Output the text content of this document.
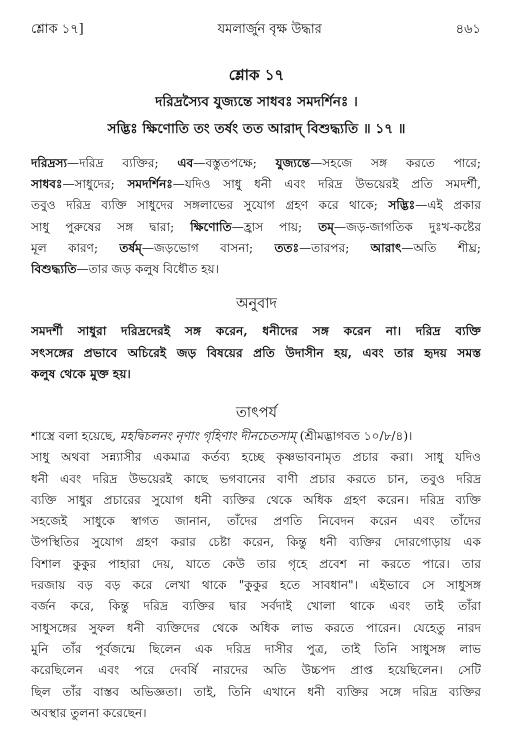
শ্লোক ১৭]	যমলার্জুন বৃক্ষ উদ্ধার	৪৬১
শ্লোক ১৭
দরিদ্রস্যৈব যুজ্যন্তে সাধবঃ সমদর্শিনঃ ।
সদ্ভিঃ ক্ষিণোতি তং তর্ষং তত আরাদ্ বিশুদ্ধ্যতি ॥ ১৭ ॥
দরিদ্রস্য—দরিদ্র ব্যক্তির; এব—বস্তুতপক্ষে; যুজ্যন্তে—সহজে সঙ্গ করতে পারে;
সাধবঃ—সাধুদের; সমদর্শিনঃ—যদিও সাধু ধনী এবং দরিদ্র উভয়েরই প্রতি সমদর্শী,
তবুও দরিদ্র ব্যক্তি সাধুদের সঙ্গলাভের সুযোগ গ্রহণ করে থাকে; সদ্ভিঃ—এই প্রকার
সাধু পুরুষের সঙ্গ দ্বারা; ক্ষিণোতি—হ্রাস পায়; তম্—জড়-জাগতিক দুঃখ-কষ্টের
মূল কারণ; তর্ষম্—জড়ভোগ বাসনা; ততঃ—তারপর; আরাৎ—অতি শীঘ্র;
বিশুদ্ধ্যতি—তার জড় কলুষ বিধৌত হয়।
অনুবাদ
সমদর্শী সাধুরা দরিদ্রদেরই সঙ্গ করেন, ধনীদের সঙ্গ করেন না। দরিদ্র ব্যক্তি
সৎসঙ্গের প্রভাবে অচিরেই জড় বিষয়ের প্রতি উদাসীন হয়, এবং তার হৃদয় সমস্ত
কলুষ থেকে মুক্ত হয়।
তাৎপর্য
শাস্ত্রে বলা হয়েছে, মহদ্বিচলনং নৃণাং গৃহিণাং দীনচেতসাম্ (শ্রীমদ্ভাগবত ১০/৮/৪)।
সাধু অথবা সন্ন্যাসীর একমাত্র কর্তব্য হচ্ছে কৃষ্ণভাবনামৃত প্রচার করা। সাধু যদিও
ধনী এবং দরিদ্র উভয়েরই কাছে ভগবানের বাণী প্রচার করতে চান, তবুও দরিদ্র
ব্যক্তি সাধুর প্রচারের সুযোগ ধনী ব্যক্তির থেকে অধিক গ্রহণ করেন। দরিদ্র ব্যক্তি
সহজেই সাধুকে স্বাগত জানান, তাঁদের প্রণতি নিবেদন করেন এবং তাঁদের
উপস্থিতির সুযোগ গ্রহণ করার চেষ্টা করেন, কিন্তু ধনী ব্যক্তির দোরগোড়ায় এক
বিশাল কুকুর পাহারা দেয়, যাতে কেউ তার গৃহে প্রবেশ না করতে পারে। তার
দরজায় বড় বড় করে লেখা থাকে "কুকুর হতে সাবধান"। এইভাবে সে সাধুসঙ্গ
বর্জন করে, কিন্তু দরিদ্র ব্যক্তির দ্বার সর্বদাই খোলা থাকে এবং তাই তাঁরা
সাধুসঙ্গের সুফল ধনী ব্যক্তিদের থেকে অধিক লাভ করতে পারেন। যেহেতু নারদ
মুনি তাঁর পূর্বজন্মে ছিলেন এক দরিদ্র দাসীর পুত্র, তাই তিনি সাধুসঙ্গ লাভ
করেছিলেন এবং পরে দেবর্ষি নারদের অতি উচ্চপদ প্রাপ্ত হয়েছিলেন। সেটি
ছিল তাঁর বাস্তব অভিজ্ঞতা। তাই, তিনি এখানে ধনী ব্যক্তির সঙ্গে দরিদ্র ব্যক্তির
অবস্থার তুলনা করেছেন।
